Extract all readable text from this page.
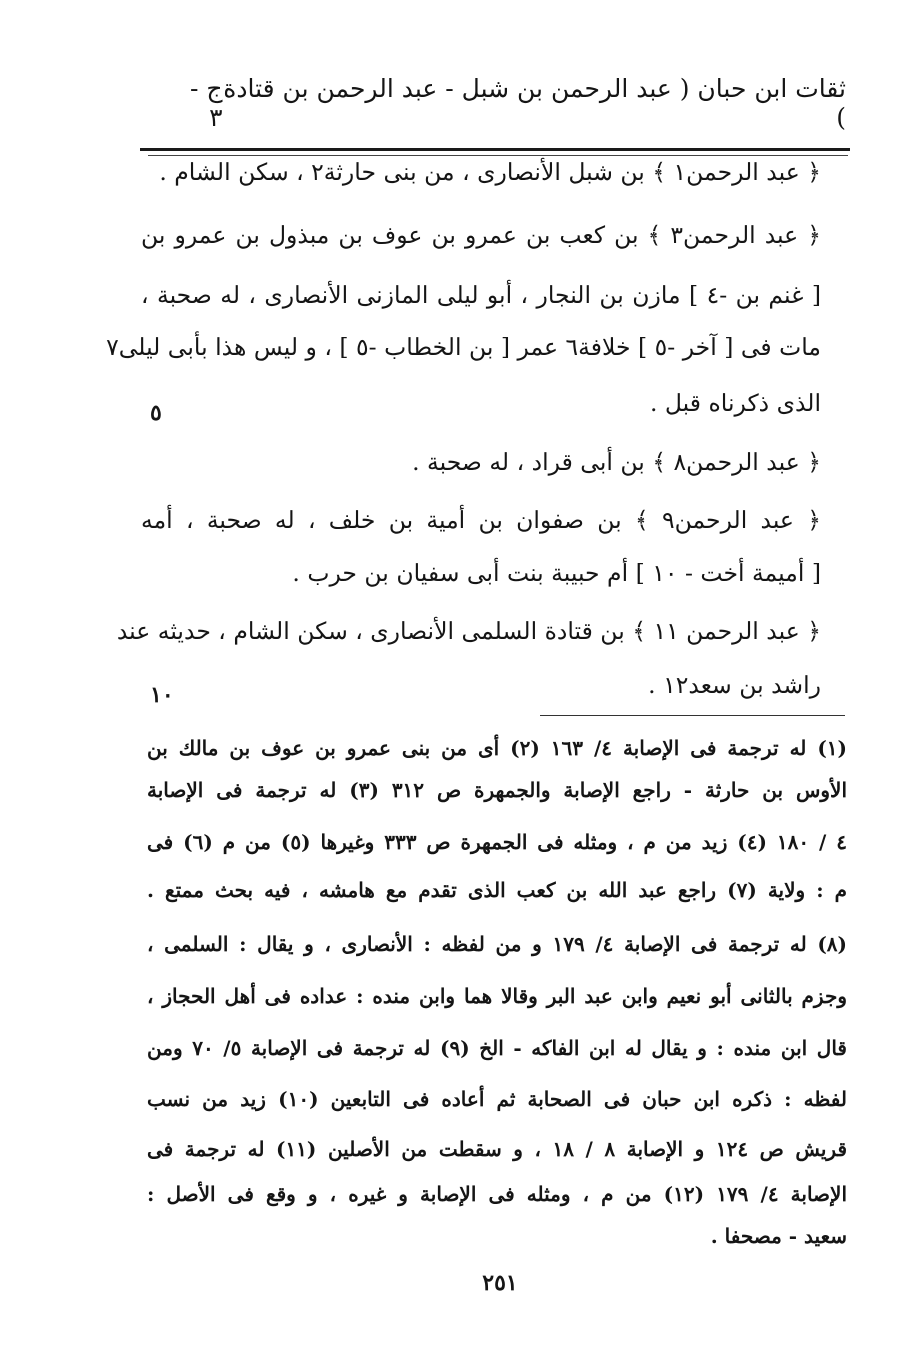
ثقات ابن حبان ( عبد الرحمن بن شبل - عبد الرحمن بن قتادة )
ج - ٣
﴿ عبد الرحمن١ ﴾ بن شبل الأنصارى ، من بنى حارثة٢ ، سكن الشام .
﴿ عبد الرحمن٣ ﴾ بن كعب بن عمرو بن عوف بن مبذول بن عمرو بن
[ غنم بن -٤ ] مازن بن النجار ، أبو ليلى المازنى الأنصارى ، له صحبة ،
مات فى [ آخر -٥ ] خلافة٦ عمر [ بن الخطاب -٥ ] ، و ليس هذا بأبى ليلى٧
الذى ذكرناه قبل .
﴿ عبد الرحمن٨ ﴾ بن أبى قراد ، له صحبة .
﴿ عبد الرحمن٩ ﴾ بن صفوان بن أمية بن خلف ، له صحبة ، أمه
[ أميمة أخت - ١٠ ] أم حبيبة بنت أبى سفيان بن حرب .
﴿ عبد الرحمن ١١ ﴾ بن قتادة السلمى الأنصارى ، سكن الشام ، حديثه عند
راشد بن سعد١٢ .
٥
١٠
(١) له ترجمة فى الإصابة ٤/ ١٦٣ (٢) أى من بنى عمرو بن عوف بن مالك بن
الأوس بن حارثة - راجع الإصابة والجمهرة ص ٣١٢ (٣) له ترجمة فى الإصابة
٤ / ١٨٠ (٤) زيد من م ، ومثله فى الجمهرة ص ٣٣٣ وغيرها (٥) من م (٦) فى
م : ولاية (٧) راجع عبد الله بن كعب الذى تقدم مع هامشه ، فيه بحث ممتع .
(٨) له ترجمة فى الإصابة ٤/ ١٧٩ و من لفظه : الأنصارى ، و يقال : السلمى ،
وجزم بالثانى أبو نعيم وابن عبد البر وقالا هما وابن منده : عداده فى أهل الحجاز ،
قال ابن منده : و يقال له ابن الفاكه - الخ (٩) له ترجمة فى الإصابة ٥/ ٧٠ ومن
لفظه : ذكره ابن حبان فى الصحابة ثم أعاده فى التابعين (١٠) زيد من نسب
قريش ص ١٢٤ و الإصابة ٨ / ١٨ ، و سقطت من الأصلين (١١) له ترجمة فى
الإصابة ٤/ ١٧٩ (١٢) من م ، ومثله فى الإصابة و غيره ، و وقع فى الأصل :
سعيد - مصحفا .
٢٥١
